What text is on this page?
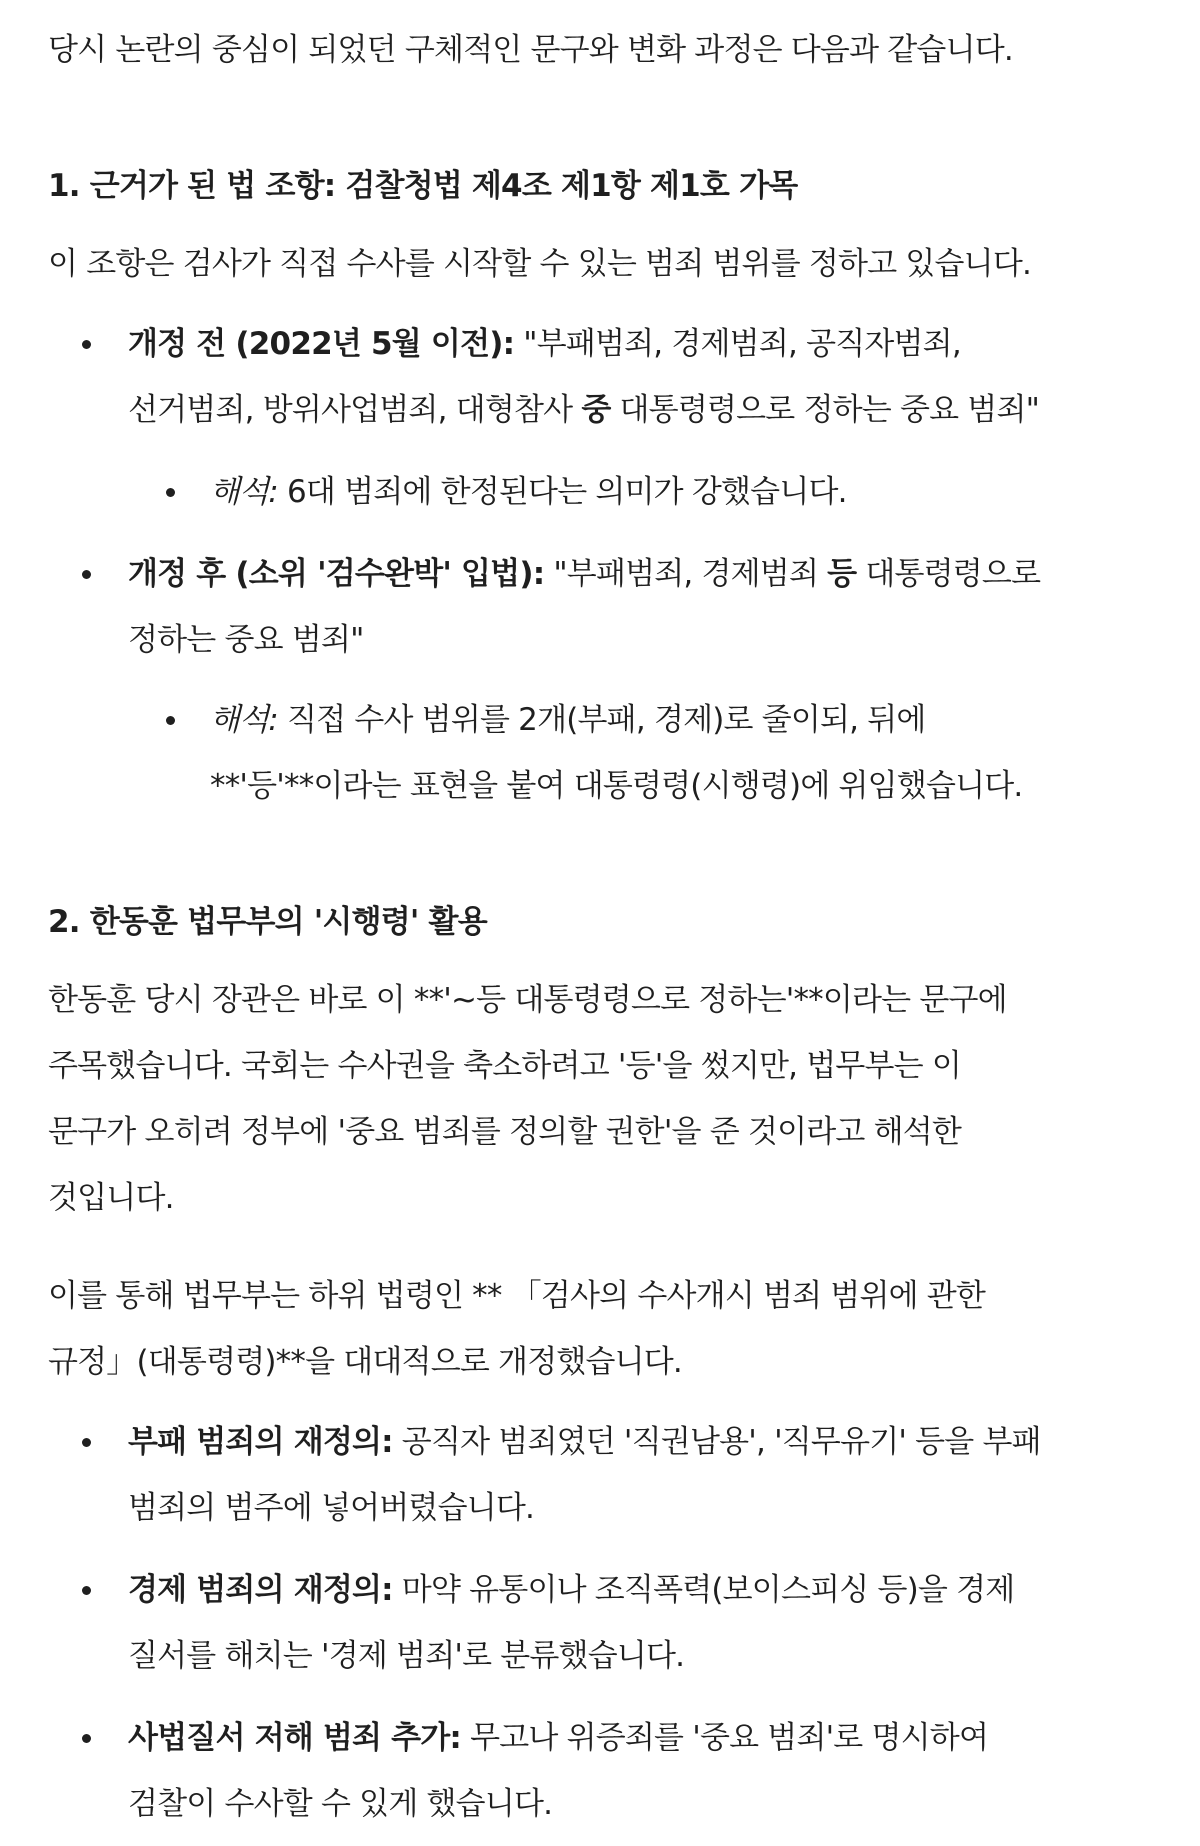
당시 논란의 중심이 되었던 구체적인 문구와 변화 과정은 다음과 같습니다.
1. 근거가 된 법 조항: 검찰청법 제4조 제1항 제1호 가목
이 조항은 검사가 직접 수사를 시작할 수 있는 범죄 범위를 정하고 있습니다.
개정 전 (2022년 5월 이전): "부패범죄, 경제범죄, 공직자범죄,
선거범죄, 방위사업범죄, 대형참사 중 대통령령으로 정하는 중요 범죄"
해석: 6대 범죄에 한정된다는 의미가 강했습니다.
개정 후 (소위 '검수완박' 입법): "부패범죄, 경제범죄 등 대통령령으로
정하는 중요 범죄"
해석: 직접 수사 범위를 2개(부패, 경제)로 줄이되, 뒤에
**'등'**이라는 표현을 붙여 대통령령(시행령)에 위임했습니다.
2. 한동훈 법무부의 '시행령' 활용
한동훈 당시 장관은 바로 이 **'~등 대통령령으로 정하는'**이라는 문구에
주목했습니다. 국회는 수사권을 축소하려고 '등'을 썼지만, 법무부는 이
문구가 오히려 정부에 '중요 범죄를 정의할 권한'을 준 것이라고 해석한
것입니다.
이를 통해 법무부는 하위 법령인 ** 「검사의 수사개시 범죄 범위에 관한
규정」(대통령령)**을 대대적으로 개정했습니다.
부패 범죄의 재정의: 공직자 범죄였던 '직권남용', '직무유기' 등을 부패
범죄의 범주에 넣어버렸습니다.
경제 범죄의 재정의: 마약 유통이나 조직폭력(보이스피싱 등)을 경제
질서를 해치는 '경제 범죄'로 분류했습니다.
사법질서 저해 범죄 추가: 무고나 위증죄를 '중요 범죄'로 명시하여
검찰이 수사할 수 있게 했습니다.
